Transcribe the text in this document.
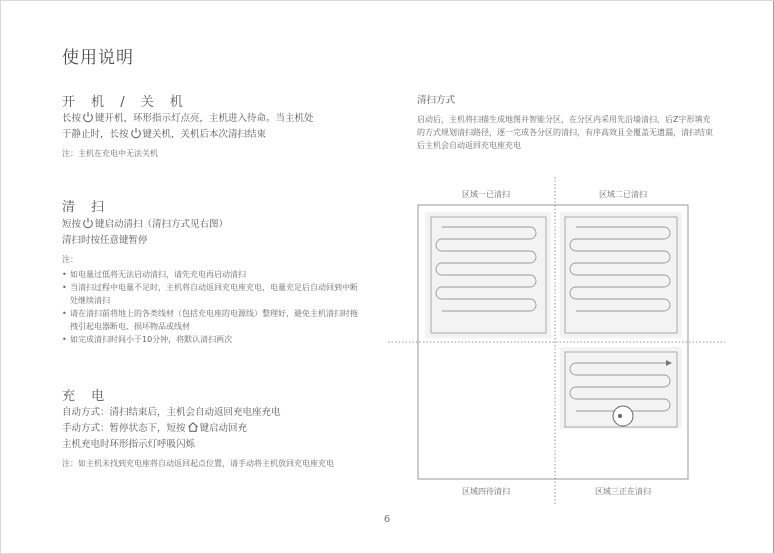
使用说明
开 机 / 关 机
长按 键开机，环形指示灯点亮，主机进入待命。当主机处
于静止时，长按 键关机，关机后本次清扫结束
注：主机在充电中无法关机
清 扫
短按 键启动清扫（清扫方式见右图）
清扫时按任意键暂停
注：
• 如电量过低将无法启动清扫，请先充电再启动清扫
• 当清扫过程中电量不足时，主机将自动返回充电座充电，电量充足后自动回到中断处继续清扫
• 请在清扫前将地上的各类线材（包括充电座的电源线）整理好，避免主机清扫时拖拽引起电器断电、损坏物品或线材
• 如完成清扫时间小于10分钟，将默认清扫两次
充 电
自动方式：清扫结束后，主机会自动返回充电座充电
手动方式：暂停状态下，短按 键启动回充
主机充电时环形指示灯呼吸闪烁
注：如主机未找到充电座将自动返回起点位置，请手动将主机放回充电座充电
清扫方式
启动后，主机将扫描生成地图并智能分区，在分区内采用先沿墙清扫，后Z字形填充的方式规划清扫路径，逐一完成各分区的清扫，有序高效且全覆盖无遗漏，清扫结束后主机会自动返回充电座充电
区域一已清扫	区域二已清扫
区域四待清扫	区域三正在清扫
6
